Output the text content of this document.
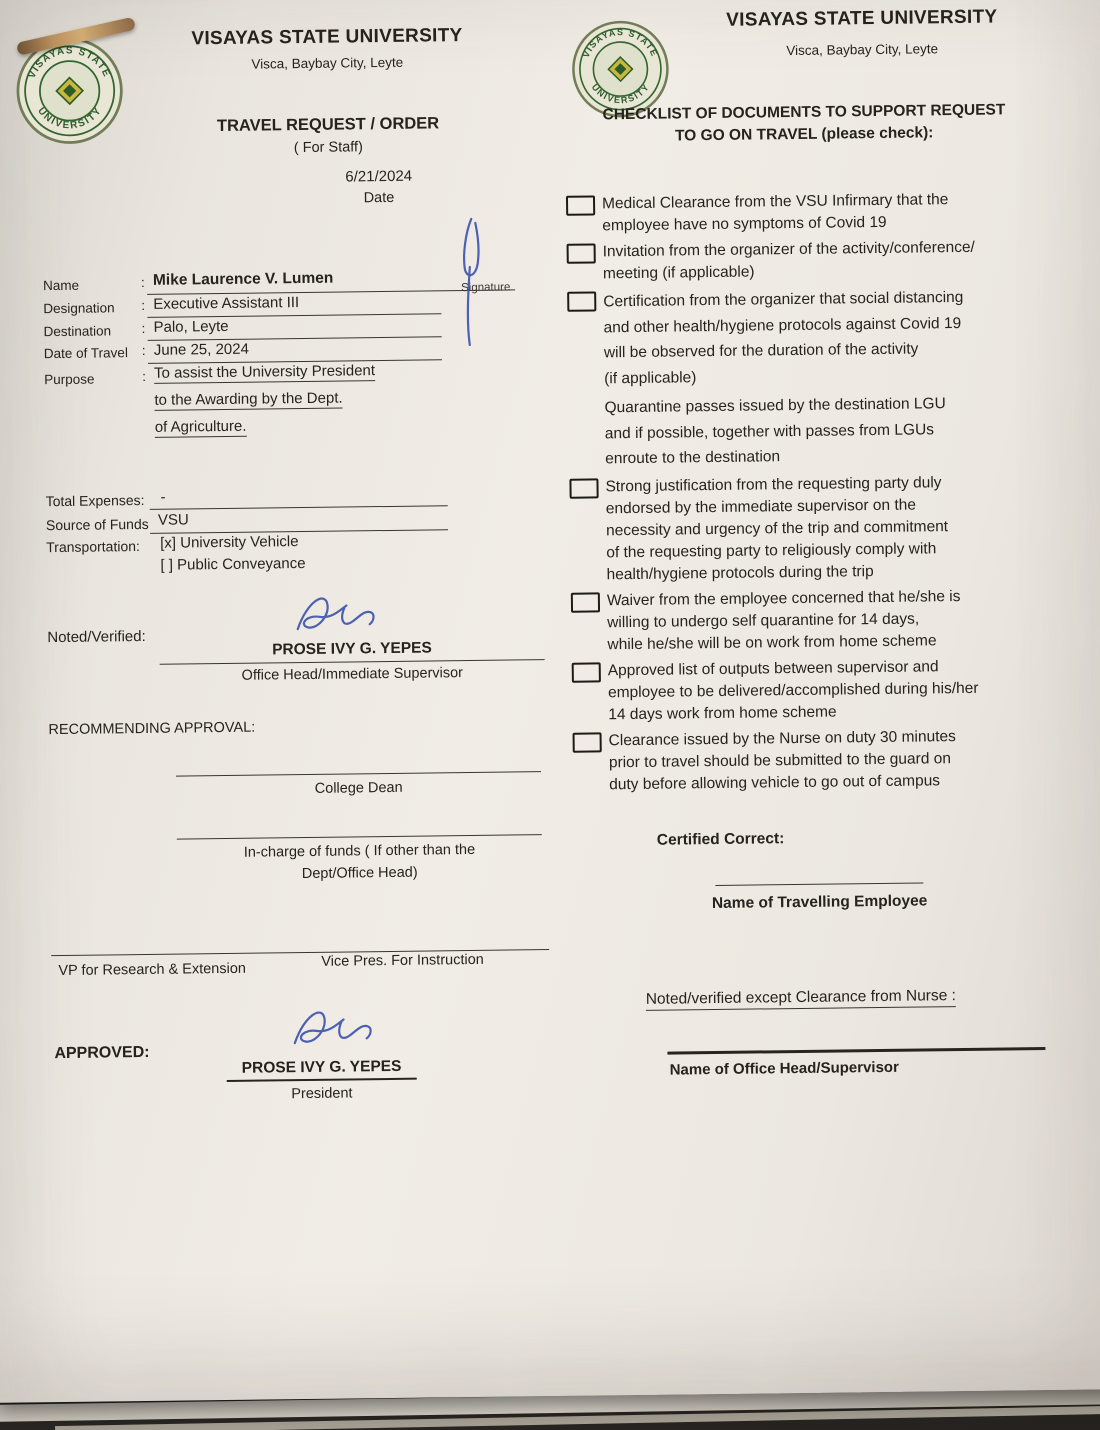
VISAYAS STATE UNIVERSITY
Visca, Baybay City, Leyte
TRAVEL REQUEST / ORDER
( For Staff)
6/21/2024
Date
Name	: Mike Laurence V. Lumen	Signature
Designation : Executive Assistant III
Destination : Palo, Leyte
Date of Travel : June 25, 2024
Purpose	: To assist the University President
to the Awarding by the Dept.
of Agriculture.
Total Expenses: -
Source of Funds VSU
Transportation: [x] University Vehicle
[ ] Public Conveyance
Noted/Verified:
PROSE IVY G. YEPES
Office Head/Immediate Supervisor
RECOMMENDING APPROVAL:
College Dean
In-charge of funds ( If other than the
Dept/Office Head)
VP for Research & Extension	Vice Pres. For Instruction
APPROVED:
PROSE IVY G. YEPES
President
VISAYAS STATE UNIVERSITY
Visca, Baybay City, Leyte
CHECKLIST OF DOCUMENTS TO SUPPORT REQUEST
TO GO ON TRAVEL (please check):
Medical Clearance from the VSU Infirmary that the
employee have no symptoms of Covid 19
Invitation from the organizer of the activity/conference/
meeting (if applicable)
Certification from the organizer that social distancing
and other health/hygiene protocols against Covid 19
will be observed for the duration of the activity
(if applicable)
Quarantine passes issued by the destination LGU
and if possible, together with passes from LGUs
enroute to the destination
Strong justification from the requesting party duly
endorsed by the immediate supervisor on the
necessity and urgency of the trip and commitment
of the requesting party to religiously comply with
health/hygiene protocols during the trip
Waiver from the employee concerned that he/she is
willing to undergo self quarantine for 14 days,
while he/she will be on work from home scheme
Approved list of outputs between supervisor and
employee to be delivered/accomplished during his/her
14 days work from home scheme
Clearance issued by the Nurse on duty 30 minutes
prior to travel should be submitted to the guard on
duty before allowing vehicle to go out of campus
Certified Correct:
Name of Travelling Employee
Noted/verified except Clearance from Nurse :
Name of Office Head/Supervisor
